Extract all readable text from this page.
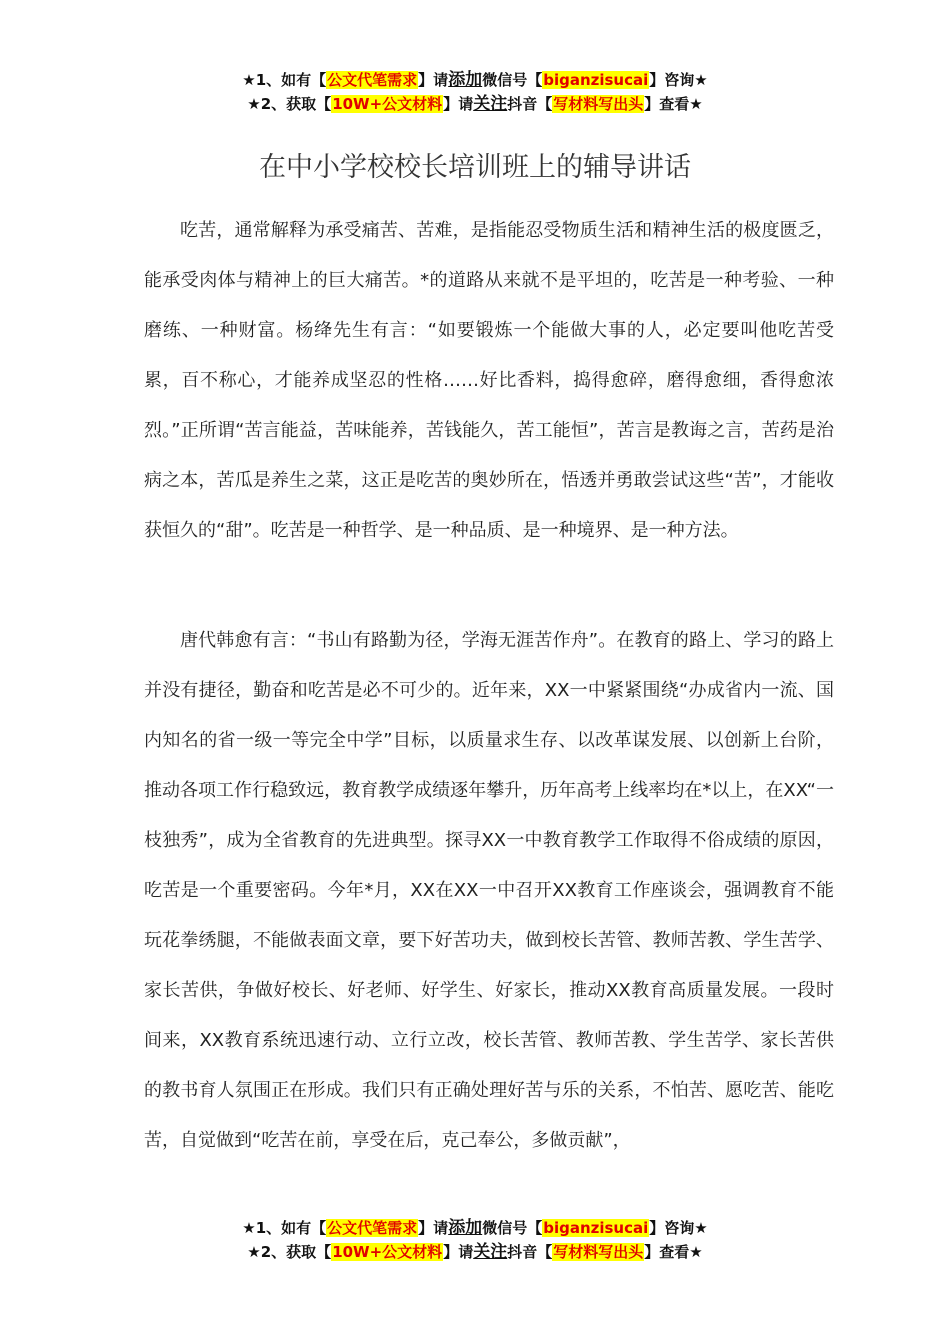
★1、如有【公文代笔需求】请添加微信号【biganzisucai】咨询★
★2、获取【10W+公文材料】请关注抖音【写材料写出头】查看★
在中小学校校长培训班上的辅导讲话

吃苦，通常解释为承受痛苦、苦难，是指能忍受物质生活和精神生活的极度匮乏，能承受肉体与精神上的巨大痛苦。*的道路从来就不是平坦的，吃苦是一种考验、一种磨练、一种财富。杨绛先生有言：“如要锻炼一个能做大事的人，必定要叫他吃苦受累，百不称心，才能养成坚忍的性格……好比香料，捣得愈碎，磨得愈细，香得愈浓烈。”正所谓“苦言能益，苦味能养，苦钱能久，苦工能恒”，苦言是教诲之言，苦药是治病之本，苦瓜是养生之菜，这正是吃苦的奥妙所在，悟透并勇敢尝试这些“苦”，才能收获恒久的“甜”。吃苦是一种哲学、是一种品质、是一种境界、是一种方法。

唐代韩愈有言：“书山有路勤为径，学海无涯苦作舟”。在教育的路上、学习的路上并没有捷径，勤奋和吃苦是必不可少的。近年来，XX一中紧紧围绕“办成省内一流、国内知名的省一级一等完全中学”目标，以质量求生存、以改革谋发展、以创新上台阶，推动各项工作行稳致远，教育教学成绩逐年攀升，历年高考上线率均在*以上，在XX“一枝独秀”，成为全省教育的先进典型。探寻XX一中教育教学工作取得不俗成绩的原因，吃苦是一个重要密码。今年*月，XX在XX一中召开XX教育工作座谈会，强调教育不能玩花拳绣腿，不能做表面文章，要下好苦功夫，做到校长苦管、教师苦教、学生苦学、家长苦供，争做好校长、好老师、好学生、好家长，推动XX教育高质量发展。一段时间来，XX教育系统迅速行动、立行立改，校长苦管、教师苦教、学生苦学、家长苦供的教书育人氛围正在形成。我们只有正确处理好苦与乐的关系，不怕苦、愿吃苦、能吃苦，自觉做到“吃苦在前，享受在后，克己奉公，多做贡献”，

★1、如有【公文代笔需求】请添加微信号【biganzisucai】咨询★
★2、获取【10W+公文材料】请关注抖音【写材料写出头】查看★
